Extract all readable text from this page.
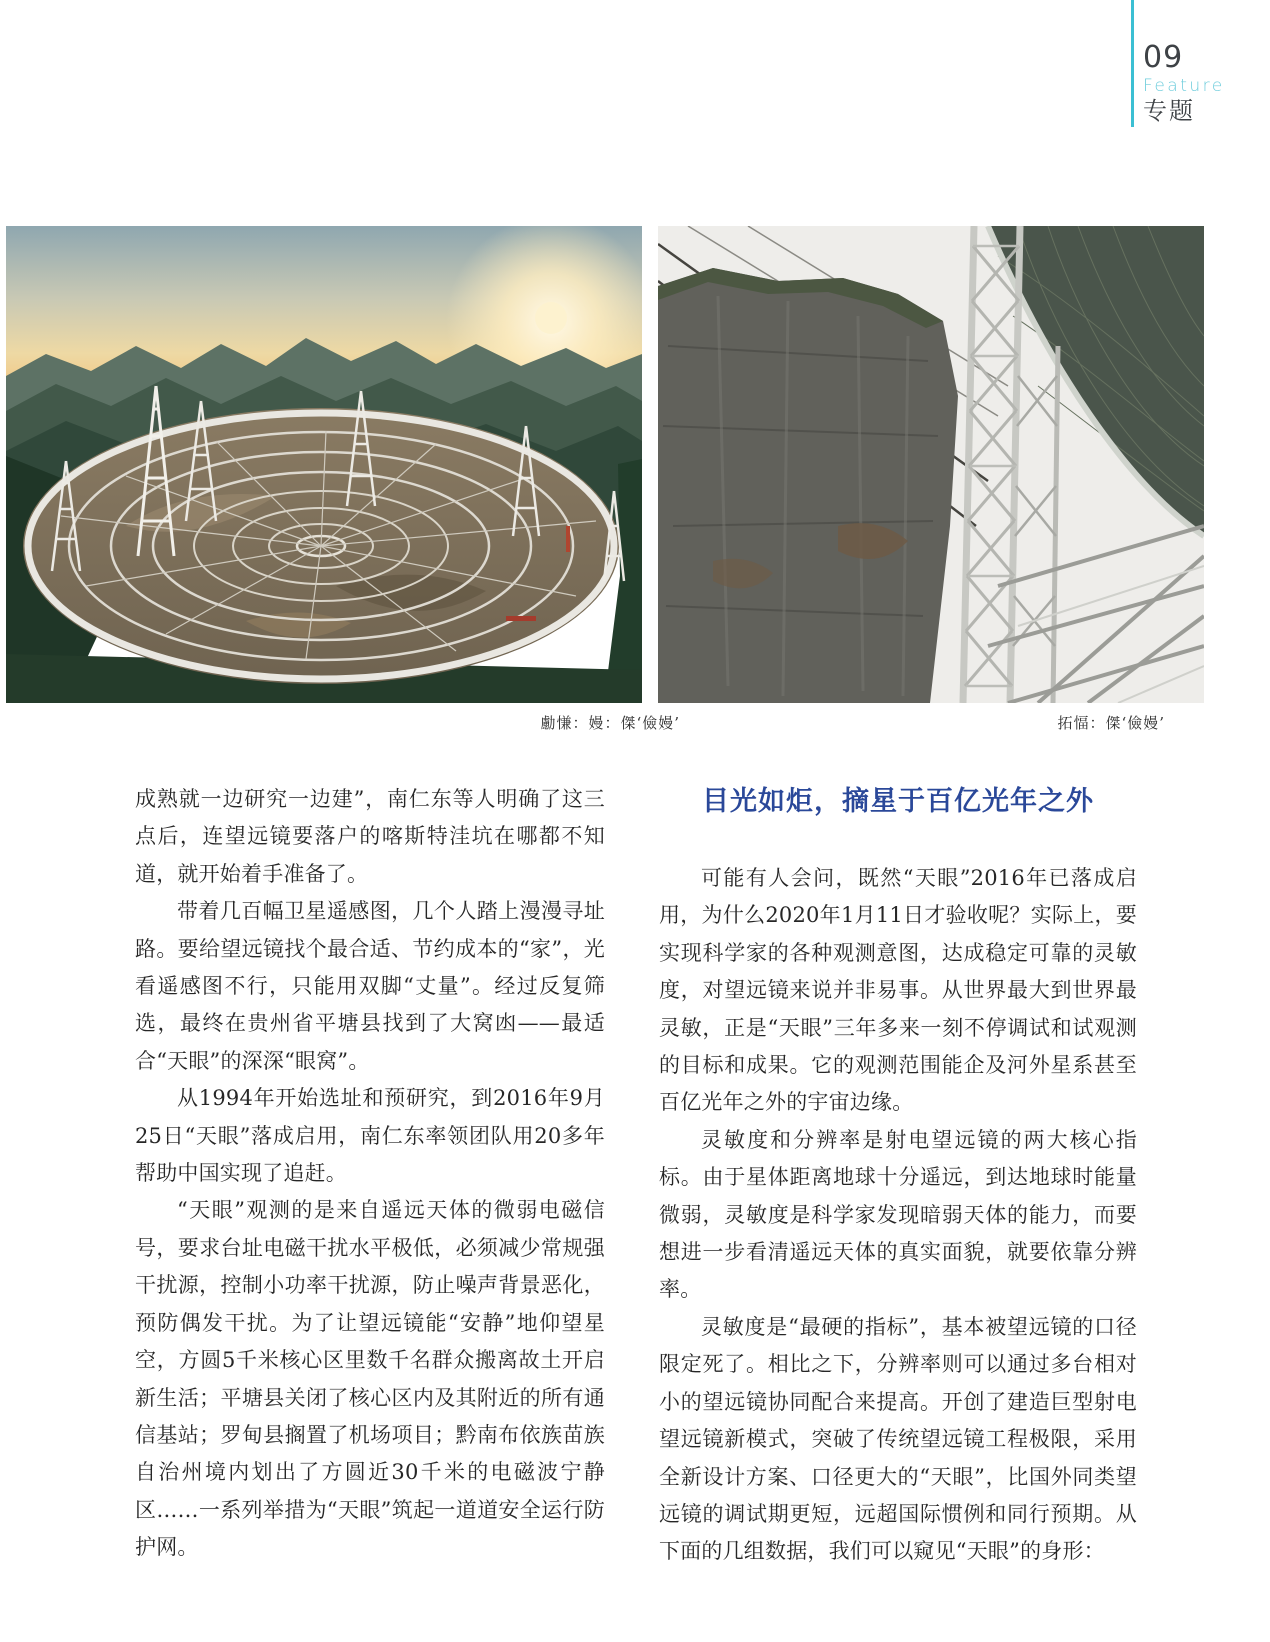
09
Feature
专题
勴慊：嫚：傑‘儉嫚’	拓愊：傑‘儉嫚’

成熟就一边研究一边建”，南仁东等人明确了这三点后，连望远镜要落户的喀斯特洼坑在哪都不知道，就开始着手准备了。

带着几百幅卫星遥感图，几个人踏上漫漫寻址路。要给望远镜找个最合适、节约成本的“家”，光看遥感图不行，只能用双脚“丈量”。经过反复筛选，最终在贵州省平塘县找到了大窝凼——最适合“天眼”的深深“眼窝”。

从1994年开始选址和预研究，到2016年9月25日“天眼”落成启用，南仁东率领团队用20多年帮助中国实现了追赶。

“天眼”观测的是来自遥远天体的微弱电磁信号，要求台址电磁干扰水平极低，必须减少常规强干扰源，控制小功率干扰源，防止噪声背景恶化，预防偶发干扰。为了让望远镜能“安静”地仰望星空，方圆5千米核心区里数千名群众搬离故土开启新生活；平塘县关闭了核心区内及其附近的所有通信基站；罗甸县搁置了机场项目；黔南布依族苗族自治州境内划出了方圆近30千米的电磁波宁静区……一系列举措为“天眼”筑起一道道安全运行防护网。

目光如炬，摘星于百亿光年之外

可能有人会问，既然“天眼”2016年已落成启用，为什么2020年1月11日才验收呢？实际上，要实现科学家的各种观测意图，达成稳定可靠的灵敏度，对望远镜来说并非易事。从世界最大到世界最灵敏，正是“天眼”三年多来一刻不停调试和试观测的目标和成果。它的观测范围能企及河外星系甚至百亿光年之外的宇宙边缘。

灵敏度和分辨率是射电望远镜的两大核心指标。由于星体距离地球十分遥远，到达地球时能量微弱，灵敏度是科学家发现暗弱天体的能力，而要想进一步看清遥远天体的真实面貌，就要依靠分辨率。

灵敏度是“最硬的指标”，基本被望远镜的口径限定死了。相比之下，分辨率则可以通过多台相对小的望远镜协同配合来提高。开创了建造巨型射电望远镜新模式，突破了传统望远镜工程极限，采用全新设计方案、口径更大的“天眼”，比国外同类望远镜的调试期更短，远超国际惯例和同行预期。从下面的几组数据，我们可以窥见“天眼”的身形：
